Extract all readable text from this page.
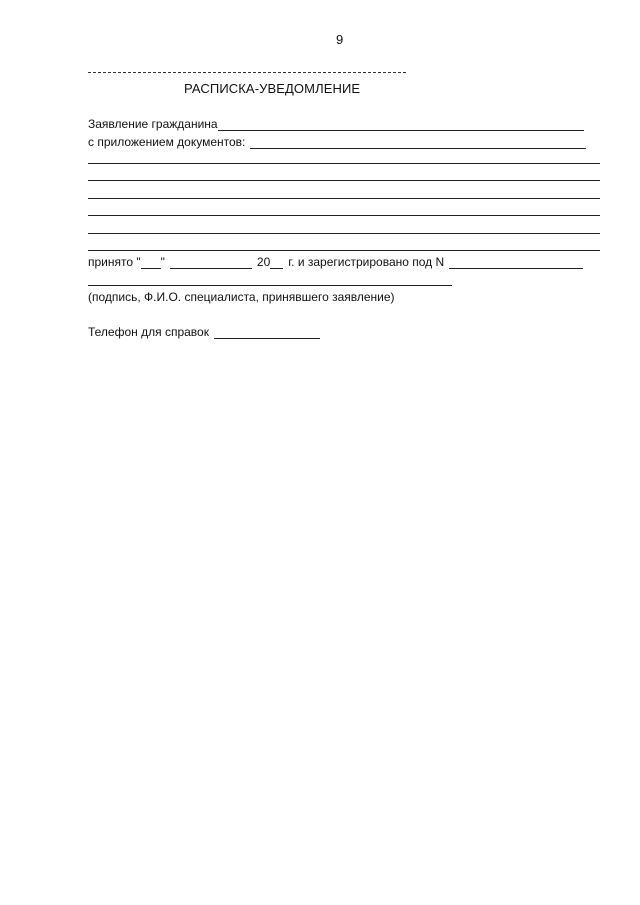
9
РАСПИСКА-УВЕДОМЛЕНИЕ
Заявление гражданина
с приложением документов:
принято " "	20 г. и зарегистрировано под N
(подпись, Ф.И.О. специалиста, принявшего заявление)
Телефон для справок
